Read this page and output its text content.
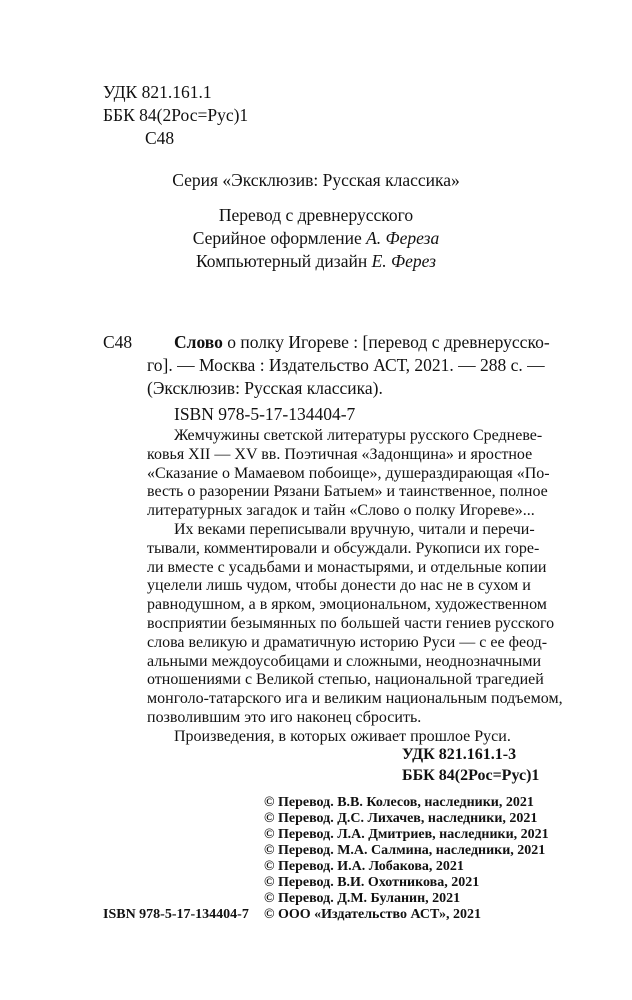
УДК 821.161.1
ББК 84(2Рос=Рус)1
С48
Серия «Эксклюзив: Русская классика»
Перевод с древнерусского
Серийное оформление А. Фереза
Компьютерный дизайн Е. Ферез
С48 Слово о полку Игореве : [перевод с древнерусско-
го]. — Москва : Издательство АСТ, 2021. — 288 с. —
(Эксклюзив: Русская классика).
ISBN 978-5-17-134404-7
Жемчужины светской литературы русского Средневе-
ковья XII — XV вв. Поэтичная «Задонщина» и яростное
«Сказание о Мамаевом побоище», душераздирающая «По-
весть о разорении Рязани Батыем» и таинственное, полное
литературных загадок и тайн «Слово о полку Игореве»...
Их веками переписывали вручную, читали и перечи-
тывали, комментировали и обсуждали. Рукописи их горе-
ли вместе с усадьбами и монастырями, и отдельные копии
уцелели лишь чудом, чтобы донести до нас не в сухом и
равнодушном, а в ярком, эмоциональном, художественном
восприятии безымянных по большей части гениев русского
слова великую и драматичную историю Руси — с ее феод-
альными междоусобицами и сложными, неоднозначными
отношениями с Великой степью, национальной трагедией
монголо-татарского ига и великим национальным подъемом,
позволившим это иго наконец сбросить.
Произведения, в которых оживает прошлое Руси.
УДК 821.161.1-3
ББК 84(2Рос=Рус)1
© Перевод. В.В. Колесов, наследники, 2021
© Перевод. Д.С. Лихачев, наследники, 2021
© Перевод. Л.А. Дмитриев, наследники, 2021
© Перевод. М.А. Салмина, наследники, 2021
© Перевод. И.А. Лобакова, 2021
© Перевод. В.И. Охотникова, 2021
© Перевод. Д.М. Буланин, 2021
© ООО «Издательство АСТ», 2021
ISBN 978-5-17-134404-7
